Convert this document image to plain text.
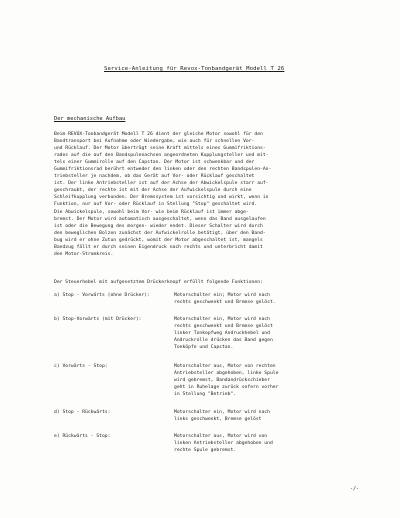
Service-Anleitung für Revox-Tonbandgerät Modell T 26
Der mechanische Aufbau
Beim REVOX-Tonbandgerät Modell T 26 dient der gleiche Motor sowohl für den
Bandtransport bei Aufnahme oder Wiedergabe, wie auch für schnellen Vor-
und Rücklauf. Der Motor überträgt seine Kraft mittels eines Gummifriktions-
rades auf die auf den Bandspulenachsen angeordneten Kupplungsteller und mit-
tels einer Gummirolle auf den Capstan. Der Motor ist schwenkbar und der
Gummifriktionsrad berührt entweder den linken oder den rechten Bandspulen-An-
triebsteller je nachdem, ob das Gerät auf Vor- oder Rücklauf geschaltet
ist. Der linke Antriebsteller ist auf der Achse der Abwickelspule starr auf-
geschraubt, der rechte ist mit der Achse der Aufwickelspule durch eine
Schleifkupplung verbunden. Der Bremssystem ist vorsichtig und wirkt, wenn in
Funktion, nur auf Vor- oder Rücklauf in Stellung "Stop" geschaltet wird.
Die Abwickelspule, sowohl beim Vor- wie beim Rücklauf ist immer abge-
bremst. Der Motor wird automatisch ausgeschaltet, wenn das Band ausgelaufen
ist oder die Bewegung des morgen- wieder endet. Dieser Schalter wird durch
den beweglichen Bolzen zunächst der Aufwickelrolle betätigt, über den Band-
bug wird er ohne Zutun gedrückt, womit der Motor abgeschaltet ist, mangels
Bandzug fällt er durch seinen Eigendruck nach rechts und unterbricht damit
den Motor-Stromkreis.
Der Steuerhebel mit aufgesetztem Drückerknopf erfüllt folgende Funktionen:
a) Stop - Vorwärts (ohne Drücker):	Motorschalter ein; Motor wird nach
rechts geschwenkt und Bremse gelöst.
b) Stop-Vorwärts (mit Drücker):	Motorschalter ein, Motor wird nach
rechts geschwenkt und Bremse gelöst
linker Tonkopfweg Andruckhebel und
Andruckrolle drücken das Band gegen
Tonköpfe und Capstan.
c) Vorwärts - Stop:	Motorschalter aus, Motor von rechten
Antriebsteller abgehoben, linke Spule
wird gebremst, Bandandrückschieber
geht in Ruhelage zurück sofern vorher
in Stellung "Betrieb".
d) Stop - Rückwärts:	Motorschalter ein, Motor wird nach
links geschwenkt, Bremse gelöst
e) Rückwärts - Stop:	Motorschalter aus, Motor wird von
linken Antriebsteller abgehoben und
rechte Spule gebremst.
-/-
